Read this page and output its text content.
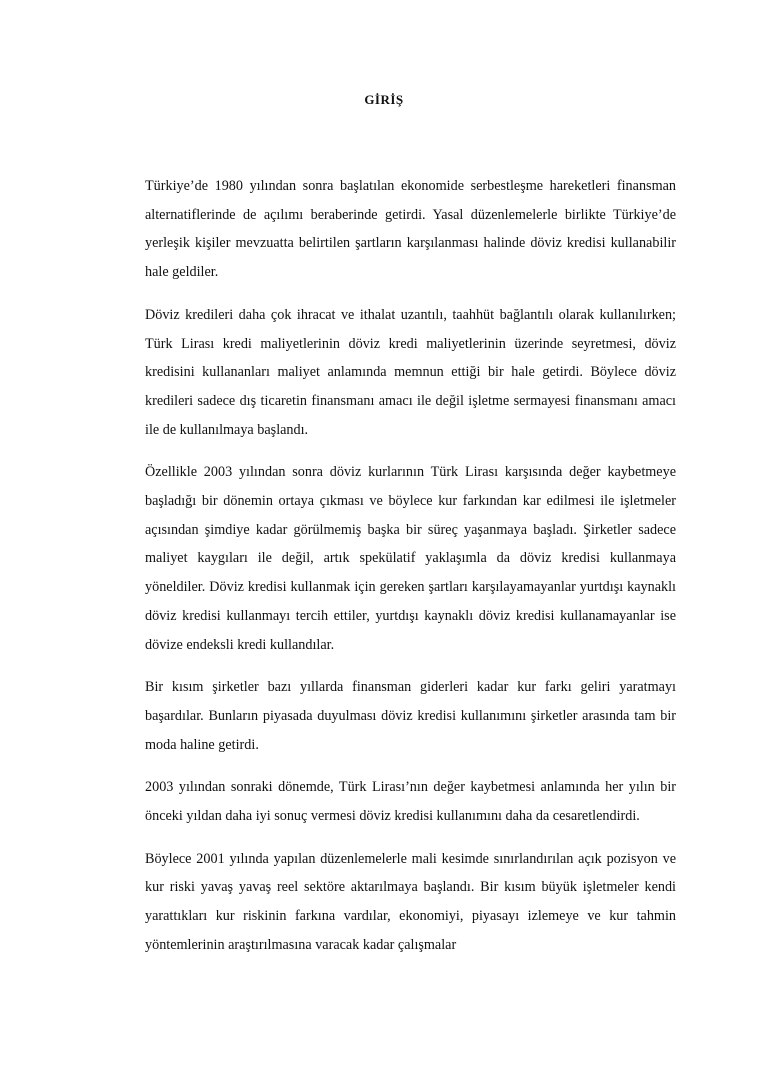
GİRİŞ

Türkiye’de 1980 yılından sonra başlatılan ekonomide serbestleşme hareketleri finansman alternatiflerinde de açılımı beraberinde getirdi. Yasal düzenlemelerle birlikte Türkiye’de yerleşik kişiler mevzuatta belirtilen şartların karşılanması halinde döviz kredisi kullanabilir hale geldiler.

Döviz kredileri daha çok ihracat ve ithalat uzantılı, taahhüt bağlantılı olarak kullanılırken; Türk Lirası kredi maliyetlerinin döviz kredi maliyetlerinin üzerinde seyretmesi, döviz kredisini kullananları maliyet anlamında memnun ettiği bir hale getirdi. Böylece döviz kredileri sadece dış ticaretin finansmanı amacı ile değil işletme sermayesi finansmanı amacı ile de kullanılmaya başlandı.

Özellikle 2003 yılından sonra döviz kurlarının Türk Lirası karşısında değer kaybetmeye başladığı bir dönemin ortaya çıkması ve böylece kur farkından kar edilmesi ile işletmeler açısından şimdiye kadar görülmemiş başka bir süreç yaşanmaya başladı. Şirketler sadece maliyet kaygıları ile değil, artık spekülatif yaklaşımla da döviz kredisi kullanmaya yöneldiler. Döviz kredisi kullanmak için gereken şartları karşılayamayanlar yurtdışı kaynaklı döviz kredisi kullanmayı tercih ettiler, yurtdışı kaynaklı döviz kredisi kullanamayanlar ise dövize endeksli kredi kullandılar.

Bir kısım şirketler bazı yıllarda finansman giderleri kadar kur farkı geliri yaratmayı başardılar. Bunların piyasada duyulması döviz kredisi kullanımını şirketler arasında tam bir moda haline getirdi.

2003 yılından sonraki dönemde, Türk Lirası’nın değer kaybetmesi anlamında her yılın bir önceki yıldan daha iyi sonuç vermesi döviz kredisi kullanımını daha da cesaretlendirdi.

Böylece 2001 yılında yapılan düzenlemelerle mali kesimde sınırlandırılan açık pozisyon ve kur riski yavaş yavaş reel sektöre aktarılmaya başlandı. Bir kısım büyük işletmeler kendi yarattıkları kur riskinin farkına vardılar, ekonomiyi, piyasayı izlemeye ve kur tahmin yöntemlerinin araştırılmasına varacak kadar çalışmalar
